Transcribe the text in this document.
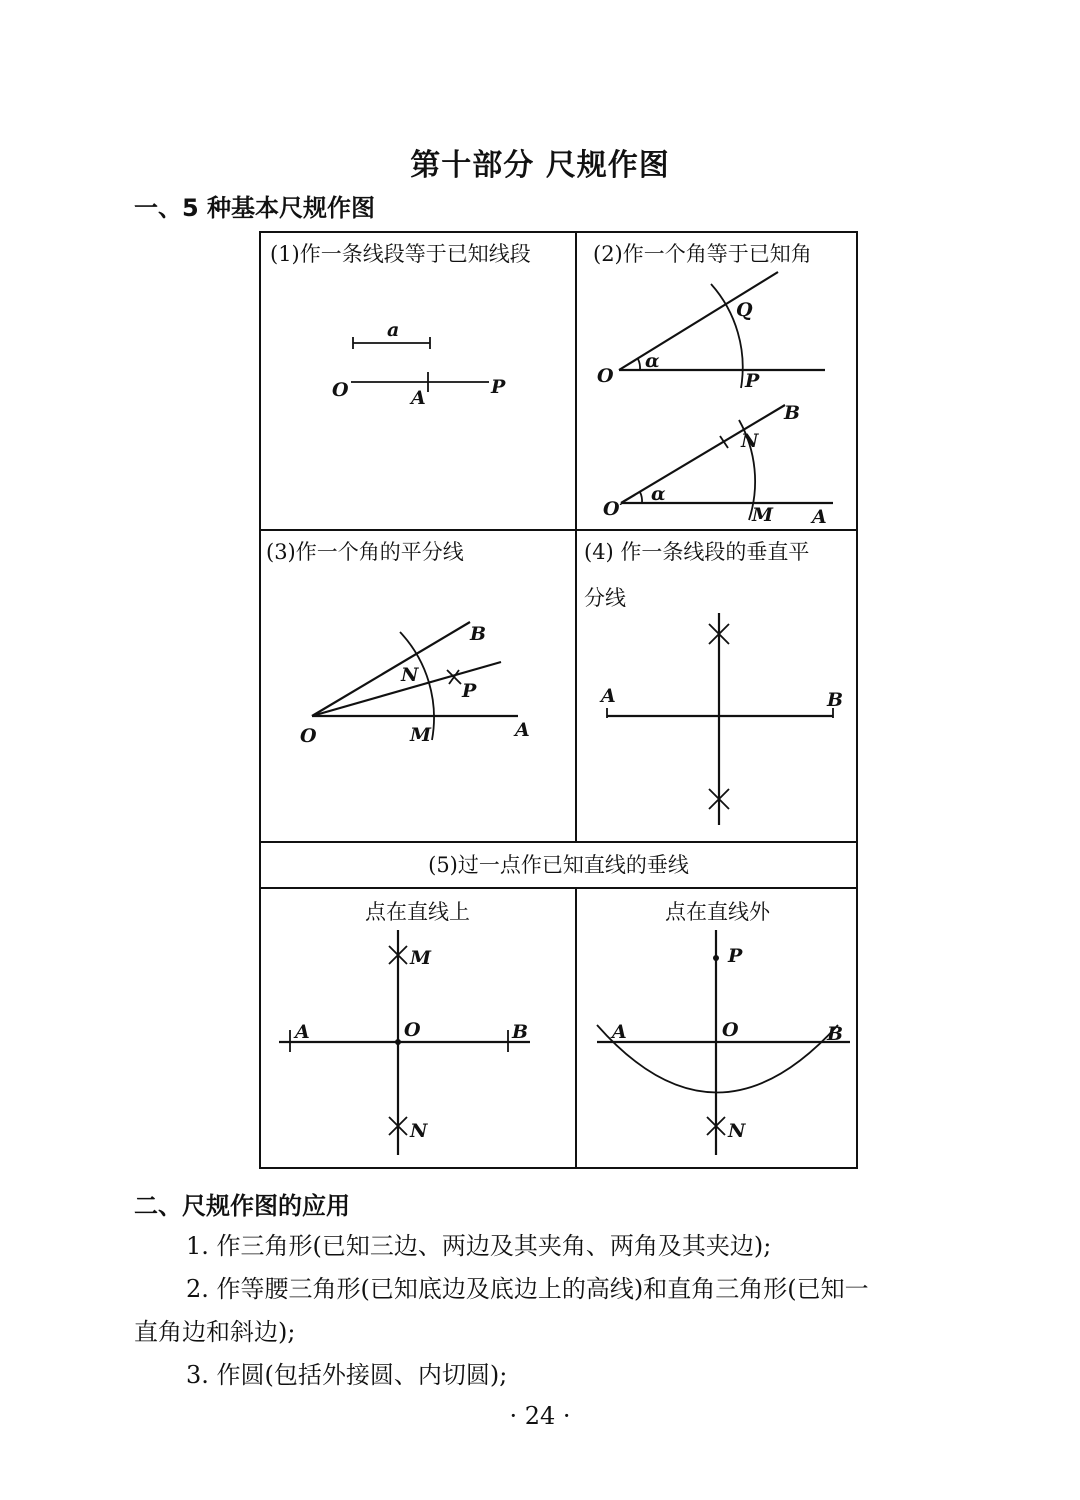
第十部分 尺规作图
一、5 种基本尺规作图
(1)作一条线段等于已知线段	(2)作一个角等于已知角
(3)作一个角的平分线	(4) 作一条线段的垂直平
分线
(5)过一点作已知直线的垂线
点在直线上	点在直线外
a
O	A	P
Q
α
O	P
B
N
α
O′	M A
B
N
P
O	M	A
A	B
M
A	O	B
N
P
A	O	B
N
二、尺规作图的应用
1. 作三角形(已知三边、两边及其夹角、两角及其夹边);
2. 作等腰三角形(已知底边及底边上的高线)和直角三角形(已知一
直角边和斜边);
3. 作圆(包括外接圆、内切圆);
· 24 ·
